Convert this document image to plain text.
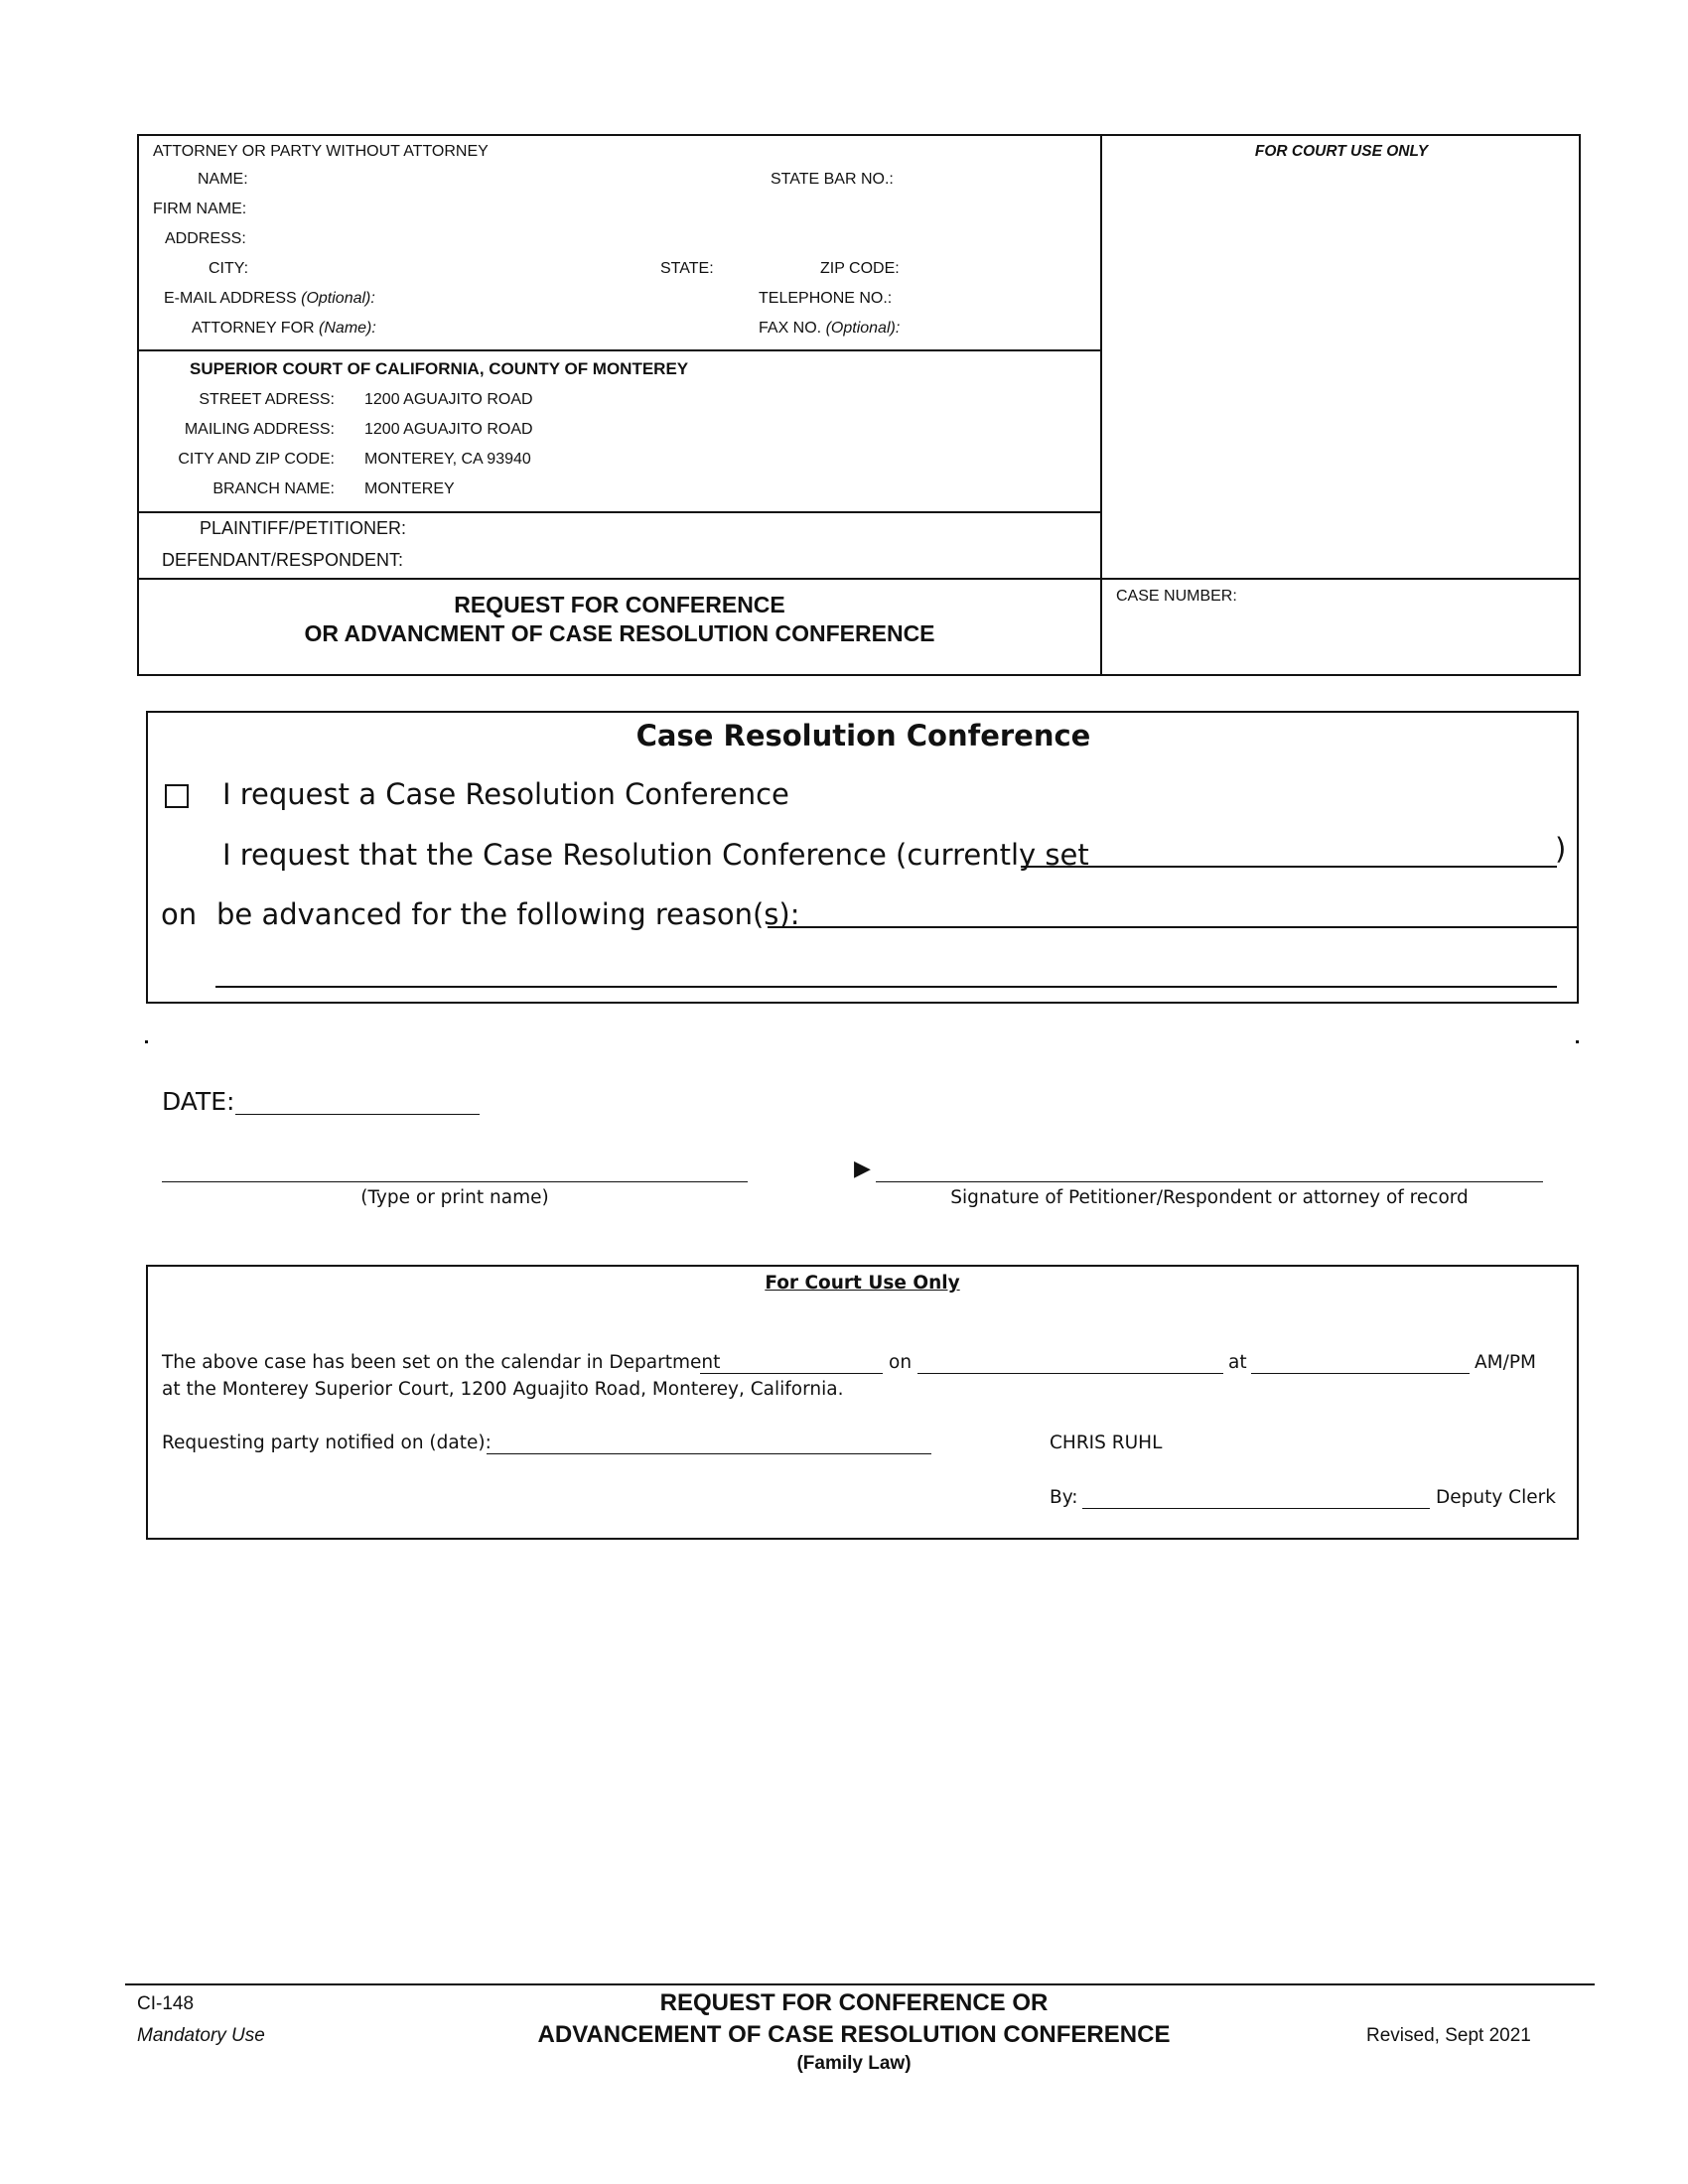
ATTORNEY OR PARTY WITHOUT ATTORNEY
NAME:	STATE BAR NO.:
FIRM NAME:
ADDRESS:
CITY:	STATE:	ZIP CODE:
E-MAIL ADDRESS (Optional):	TELEPHONE NO.:
ATTORNEY FOR (Name):	FAX NO. (Optional):
FOR COURT USE ONLY
SUPERIOR COURT OF CALIFORNIA, COUNTY OF MONTEREY
STREET ADRESS: 1200 AGUAJITO ROAD
MAILING ADDRESS: 1200 AGUAJITO ROAD
CITY AND ZIP CODE: MONTEREY, CA 93940
BRANCH NAME: MONTEREY
PLAINTIFF/PETITIONER:
DEFENDANT/RESPONDENT:
REQUEST FOR CONFERENCE
OR ADVANCMENT OF CASE RESOLUTION CONFERENCE
CASE NUMBER:
Case Resolution Conference
I request a Case Resolution Conference
I request that the Case Resolution Conference (currently set	)
on be advanced for the following reason(s):
DATE:
(Type or print name)
▶
Signature of Petitioner/Respondent or attorney of record
For Court Use Only
The above case has been set on the calendar in Department	on	at	AM/PM
at the Monterey Superior Court, 1200 Aguajito Road, Monterey, California.
Requesting party notified on (date):	CHRIS RUHL
By:	Deputy Clerk
CI-148
Mandatory Use
REQUEST FOR CONFERENCE OR
ADVANCEMENT OF CASE RESOLUTION CONFERENCE
(Family Law)
Revised, Sept 2021
